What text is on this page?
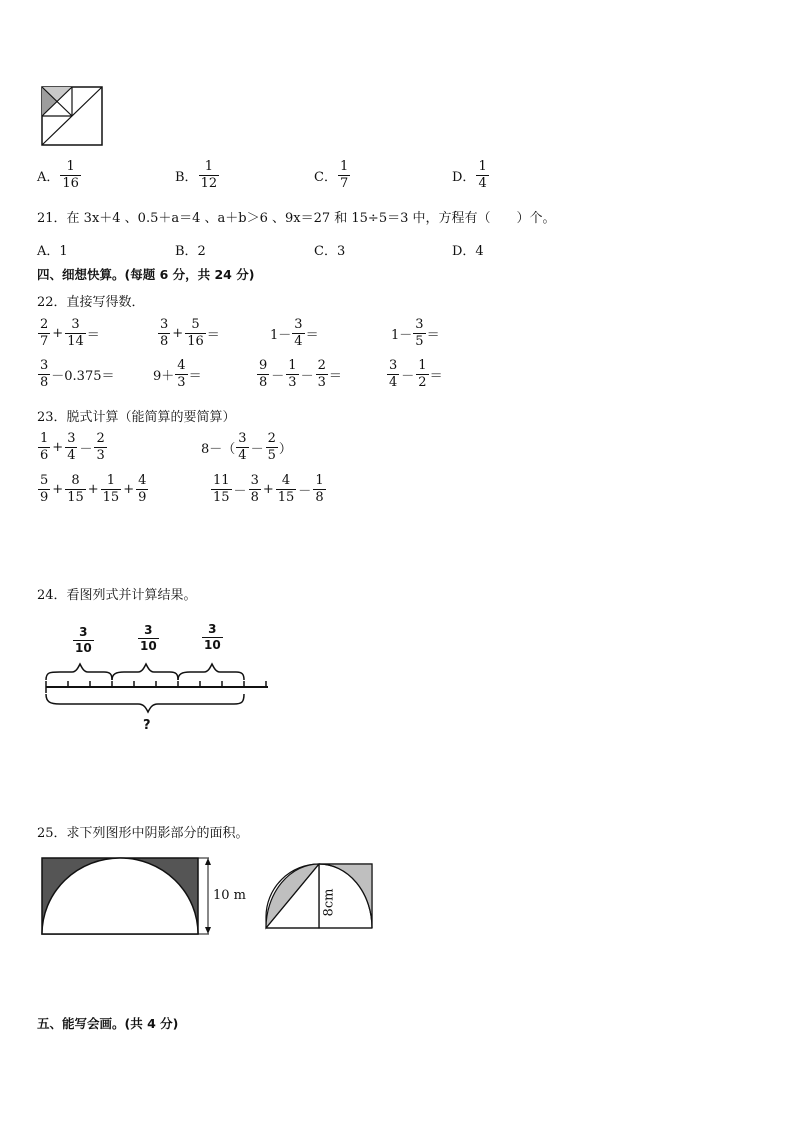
A． $\frac{1}{16}$	B． $\frac{1}{12}$	C． $\frac{1}{7}$	D． $\frac{1}{4}$
21．在 3x＋4 、0.5＋a＝4 、a＋b＞6 、9x＝27 和 15÷5＝3 中，方程有（　　）个。
A．1	B．2	C．3	D．4
四、细想快算。(每题 6 分，共 24 分)
22．直接写得数．
$\frac{2}{7} + \frac{3}{14}$ ＝	$\frac{3}{8} + \frac{5}{16}$ ＝	$1- \frac{3}{4}$ ＝	$1- \frac{3}{5}$ ＝
$\frac{3}{8} -0.375=$	$9+ \frac{4}{3}$ ＝	$\frac{9}{8} - \frac{1}{3} - \frac{2}{3}$ ＝	$\frac{3}{4} - \frac{1}{2}$ ＝
23．脱式计算（能简算的要简算）
$\frac{1}{6} + \frac{3}{4} - \frac{2}{3}$	$8-( \frac{3}{4} - \frac{2}{5}$ ）
$\frac{5}{9} + \frac{8}{15} + \frac{1}{15} + \frac{4}{9}$	$\frac{11}{15} - \frac{3}{8} + \frac{4}{15} - \frac{1}{8}$
24．看图列式并计算结果。
$\frac{3}{10}$	$\frac{3}{10}$	$\frac{3}{10}$
?
25．求下列图形中阴影部分的面积。
10 m	8cm
五、能写会画。(共 4 分)
